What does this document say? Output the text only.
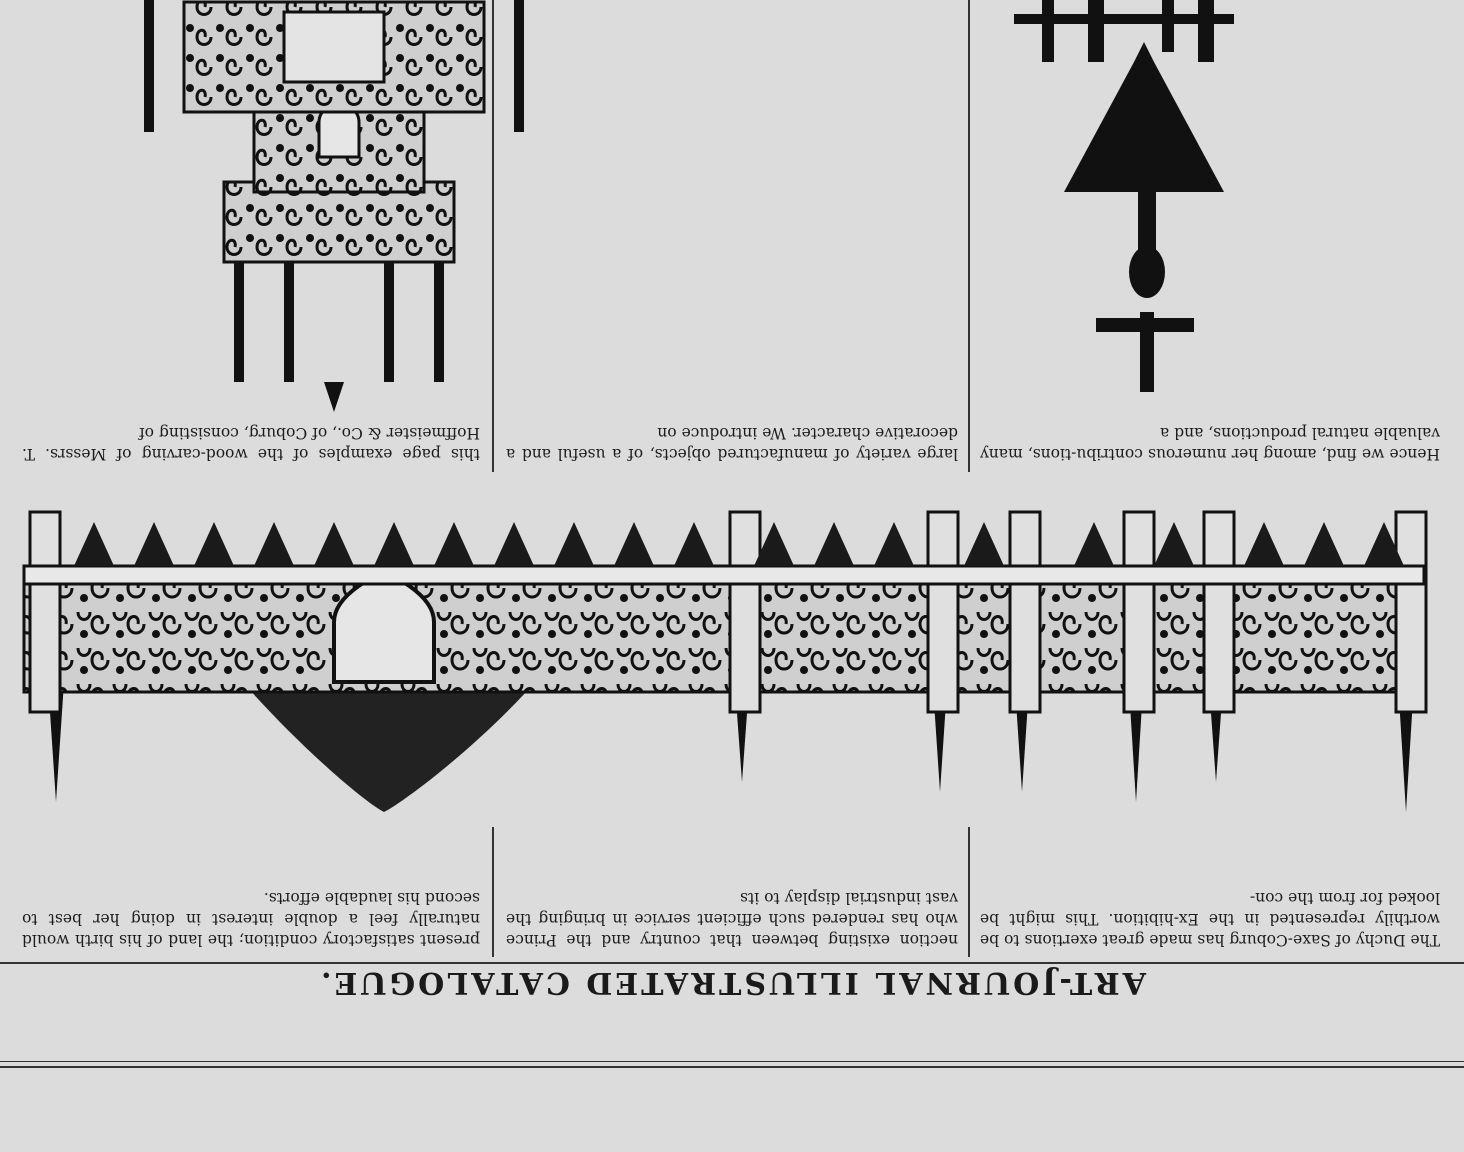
ART-JOURNAL ILLUSTRATED CATALOGUE.
The Duchy of Saxe-Coburg has made great exertions to be worthily represented in the Ex-hibition. This might be looked for from the con-
nection existing between that country and the Prince who has rendered such efficient service in bringing the vast industrial display to its
present satisfactory condition; the land of his birth would naturally feel a double interest in doing her best to second his laudable efforts.
Hence we find, among her numerous contribu-tions, many valuable natural productions, and a
large variety of manufactured objects, of a useful and a decorative character. We introduce on
this page examples of the wood-carving of Messrs. T. Hoffmeister & Co., of Coburg, consisting of
